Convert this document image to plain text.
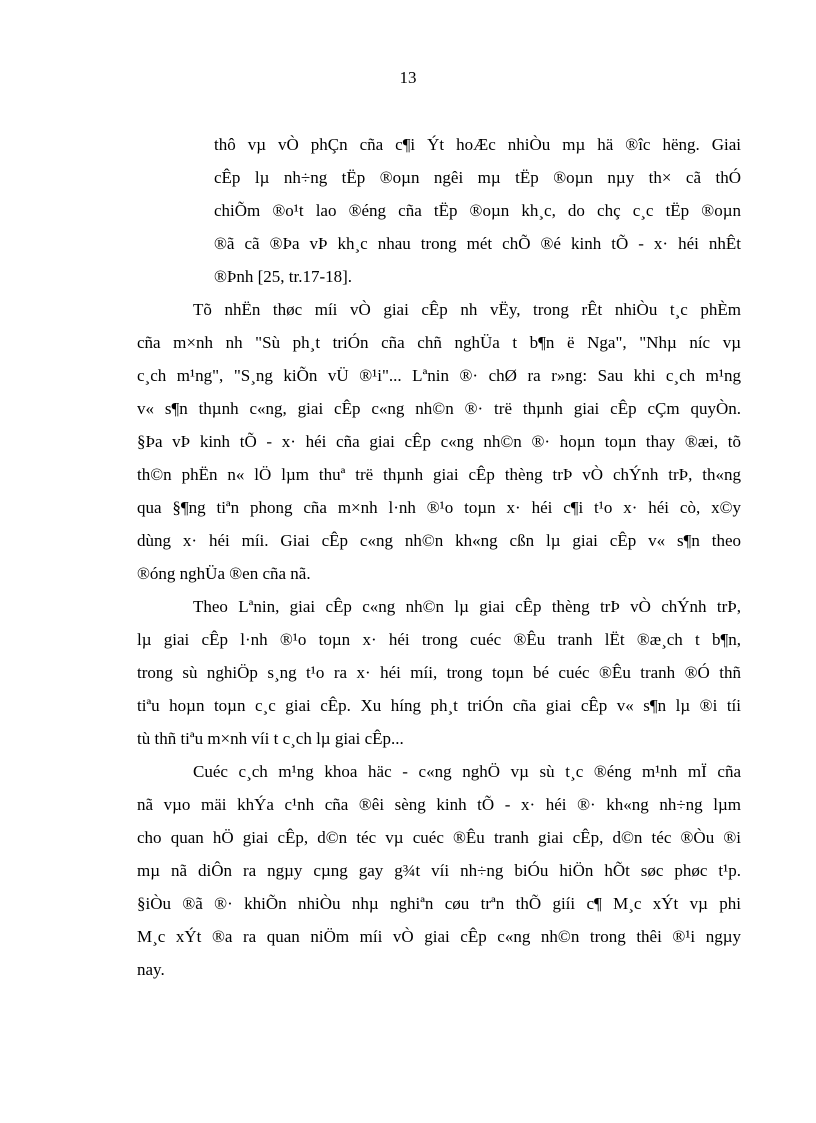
13

thô vµ vÒ phÇn cña c¶i Ýt hoÆc nhiÒu mµ hä ®îc hëng. Giai
cÊp lµ nh÷ng tËp ®oµn ngêi mµ tËp ®oµn nµy th× cã thÓ
chiÕm ®o¹t lao ®éng cña tËp ®oµn kh¸c, do chç c¸c tËp ®oµn
®ã cã ®Þa vÞ kh¸c nhau trong mét chÕ ®é kinh tÕ - x· héi nhÊt
®Þnh [25, tr.17-18].

Tõ nhËn thøc míi vÒ giai cÊp nh vËy, trong rÊt nhiÒu t¸c phÈm
cña m×nh nh "Sù ph¸t triÓn cña chñ nghÜa t b¶n ë Nga", "Nhµ níc vµ
c¸ch m¹ng", "S¸ng kiÕn vÜ ®¹i"... Lªnin ®· chØ ra r»ng: Sau khi c¸ch m¹ng
v« s¶n thµnh c«ng, giai cÊp c«ng nh©n ®· trë thµnh giai cÊp cÇm quyÒn.
§Þa vÞ kinh tÕ - x· héi cña giai cÊp c«ng nh©n ®· hoµn toµn thay ®æi, tõ
th©n phËn n« lÖ lµm thuª trë thµnh giai cÊp thèng trÞ vÒ chÝnh trÞ, th«ng
qua §¶ng tiªn phong cña m×nh l·nh ®¹o toµn x· héi c¶i t¹o x· héi cò, x©y
dùng x· héi míi. Giai cÊp c«ng nh©n kh«ng cßn lµ giai cÊp v« s¶n theo
®óng nghÜa ®en cña nã.

Theo Lªnin, giai cÊp c«ng nh©n lµ giai cÊp thèng trÞ vÒ chÝnh trÞ,
lµ giai cÊp l·nh ®¹o toµn x· héi trong cuéc ®Êu tranh lËt ®æ¸ch t b¶n,
trong sù nghiÖp s¸ng t¹o ra x· héi míi, trong toµn bé cuéc ®Êu tranh ®Ó thñ
tiªu hoµn toµn c¸c giai cÊp. Xu híng ph¸t triÓn cña giai cÊp v« s¶n lµ ®i tíi
tù thñ tiªu m×nh víi t c¸ch lµ giai cÊp...

Cuéc c¸ch m¹ng khoa häc - c«ng nghÖ vµ sù t¸c ®éng m¹nh mÏ cña
nã vµo mäi khÝa c¹nh cña ®êi sèng kinh tÕ - x· héi ®· kh«ng nh÷ng lµm
cho quan hÖ giai cÊp, d©n téc vµ cuéc ®Êu tranh giai cÊp, d©n téc ®Òu ®i
mµ nã diÔn ra ngµy cµng gay g¾t víi nh÷ng biÓu hiÖn hÕt søc phøc t¹p.
§iÒu ®ã ®· khiÕn nhiÒu nhµ nghiªn cøu trªn thÕ giíi c¶ M¸c xÝt vµ phi
M¸c xÝt ®a ra quan niÖm míi vÒ giai cÊp c«ng nh©n trong thêi ®¹i ngµy
nay.
